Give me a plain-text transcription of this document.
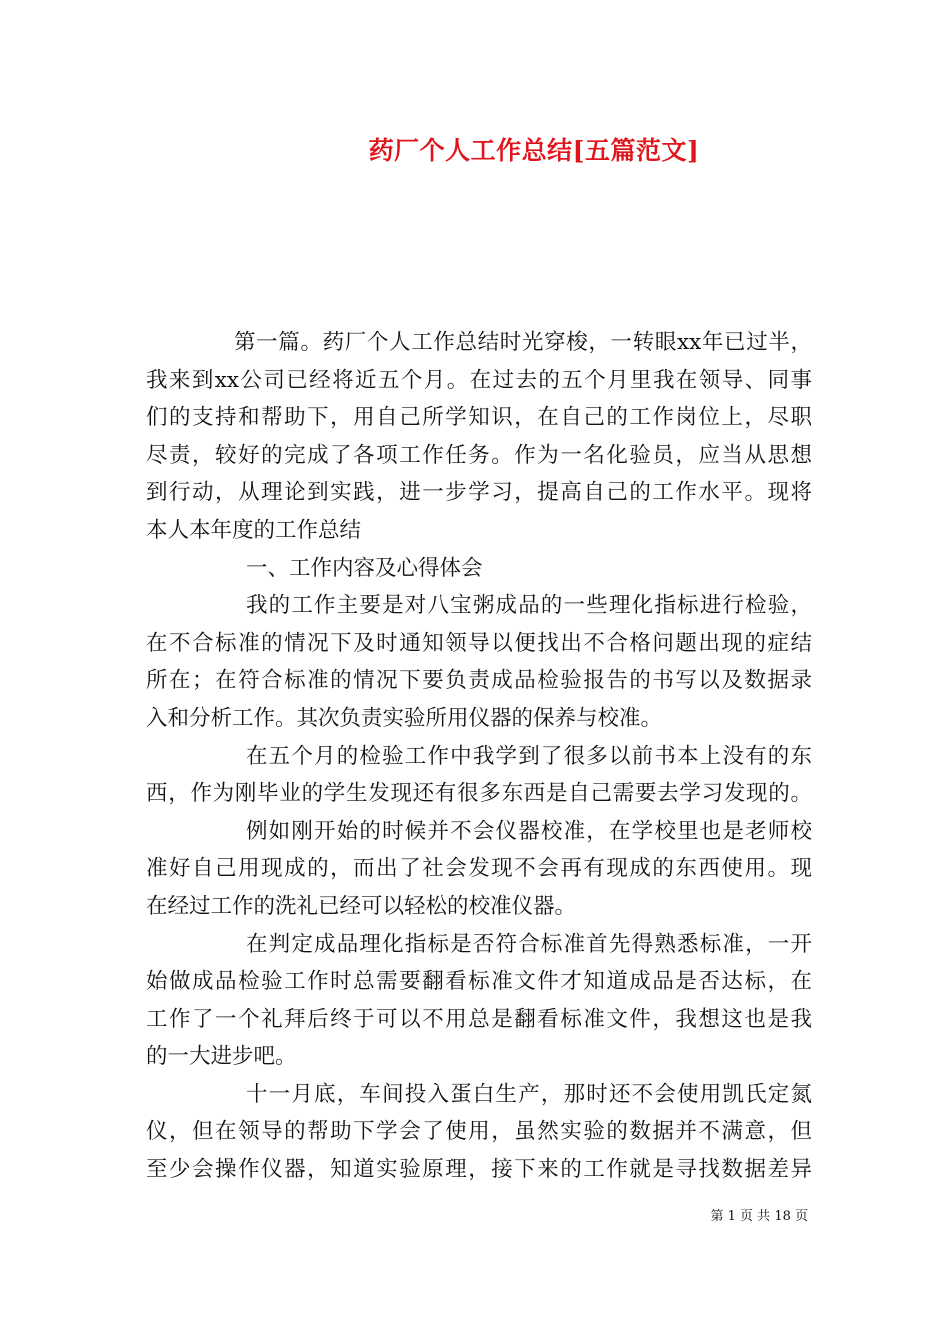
药厂个人工作总结[五篇范文]
第一篇。药厂个人工作总结时光穿梭，一转眼xx年已过半，
我来到xx公司已经将近五个月。在过去的五个月里我在领导、同事
们的支持和帮助下，用自己所学知识，在自己的工作岗位上，尽职
尽责，较好的完成了各项工作任务。作为一名化验员，应当从思想
到行动，从理论到实践，进一步学习，提高自己的工作水平。现将
本人本年度的工作总结
一、工作内容及心得体会
我的工作主要是对八宝粥成品的一些理化指标进行检验，
在不合标准的情况下及时通知领导以便找出不合格问题出现的症结
所在；在符合标准的情况下要负责成品检验报告的书写以及数据录
入和分析工作。其次负责实验所用仪器的保养与校准。
在五个月的检验工作中我学到了很多以前书本上没有的东
西，作为刚毕业的学生发现还有很多东西是自己需要去学习发现的。
例如刚开始的时候并不会仪器校准，在学校里也是老师校
准好自己用现成的，而出了社会发现不会再有现成的东西使用。现
在经过工作的洗礼已经可以轻松的校准仪器。
在判定成品理化指标是否符合标准首先得熟悉标准，一开
始做成品检验工作时总需要翻看标准文件才知道成品是否达标，在
工作了一个礼拜后终于可以不用总是翻看标准文件，我想这也是我
的一大进步吧。
十一月底，车间投入蛋白生产，那时还不会使用凯氏定氮
仪，但在领导的帮助下学会了使用，虽然实验的数据并不满意，但
至少会操作仪器，知道实验原理，接下来的工作就是寻找数据差异
第 1 页 共 18 页
